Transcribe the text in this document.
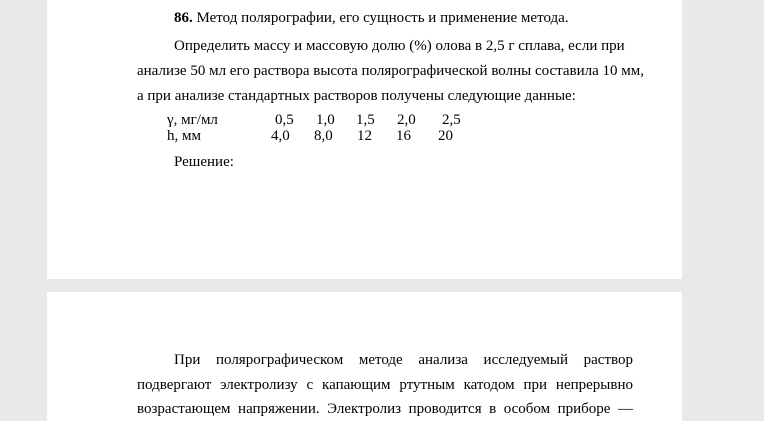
86. Метод полярографии, его сущность и применение метода.
Определить массу и массовую долю (%) олова в 2,5 г сплава, если при
анализе 50 мл его раствора высота полярографической волны составила 10 мм,
а при анализе стандартных растворов получены следующие данные:
γ, мг/мл	0,5 1,0 1,5 2,0 2,5
h, мм	4,0 8,0 12 16 20
Решение:
При полярографическом методе анализа исследуемый раствор
подвергают электролизу с капающим ртутным катодом при непрерывно
возрастающем напряжении. Электролиз проводится в особом приборе —
